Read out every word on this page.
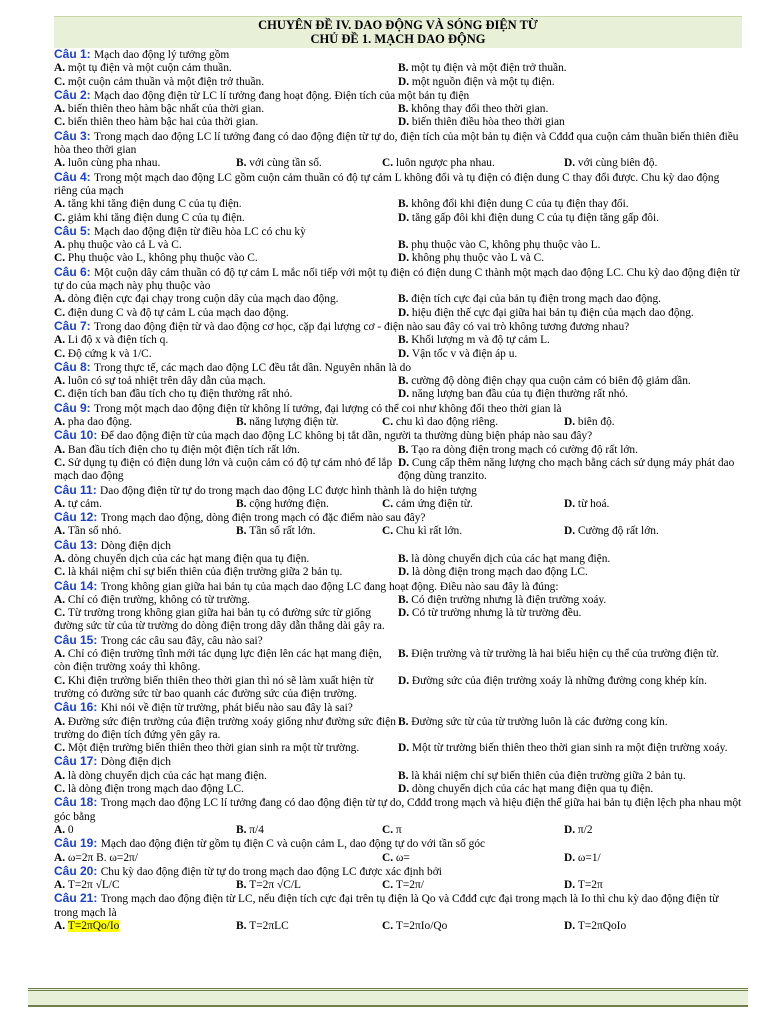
CHUYÊN ĐỀ IV. DAO ĐỘNG VÀ SÓNG ĐIỆN TỪ
CHỦ ĐỀ 1. MẠCH DAO ĐỘNG
Câu 1: Mạch dao động lý tưởng gồm
A. một tụ điện và một cuộn cảm thuần.	B. một tụ điện và một điện trở thuần.
C. một cuộn cảm thuần và một điện trở thuần.	D. một nguồn điện và một tụ điện.
Câu 2: Mạch dao động điện từ LC lí tưởng đang hoạt động. Điện tích của một bản tụ điện
A. biến thiên theo hàm bậc nhất của thời gian.	B. không thay đổi theo thời gian.
C. biến thiên theo hàm bậc hai của thời gian.	D. biến thiên điều hòa theo thời gian
Câu 3: Trong mạch dao động LC lí tưởng đang có dao động điện từ tự do, điện tích của một bản tụ điện và Cđdđ qua cuộn cảm thuần biến thiên điều hòa theo thời gian
A. luôn cùng pha nhau.	B. với cùng tần số.	C. luôn ngược pha nhau.	D. với cùng biên độ.
Câu 4: Trong một mạch dao động LC gồm cuộn cảm thuần có độ tự cảm L không đổi và tụ điện có điện dung C thay đổi được. Chu kỳ dao động riêng của mạch
A. tăng khi tăng điện dung C của tụ điện.	B. không đổi khi điện dung C của tụ điện thay đổi.
C. giảm khi tăng điện dung C của tụ điện.	D. tăng gấp đôi khi điện dung C của tụ điện tăng gấp đôi.
Câu 5: Mạch dao động điện từ điều hòa LC có chu kỳ
A. phụ thuộc vào cả L và C.	B. phụ thuộc vào C, không phụ thuộc vào L.
C. Phụ thuộc vào L, không phụ thuộc vào C.	D. không phụ thuộc vào L và C.
Câu 6: Một cuộn dây cảm thuần có độ tự cảm L mắc nối tiếp với một tụ điện có điện dung C thành một mạch dao động LC. Chu kỳ dao động điện từ tự do của mạch này phụ thuộc vào
A. dòng điện cực đại chạy trong cuộn dây của mạch dao động.	B. điện tích cực đại của bản tụ điện trong mạch dao động.
C. điện dung C và độ tự cảm L của mạch dao động.	D. hiệu điện thế cực đại giữa hai bản tụ điện của mạch dao động.
Câu 7: Trong dao động điện từ và dao động cơ học, cặp đại lượng cơ - điện nào sau đây có vai trò không tương đương nhau?
A. Li độ x và điện tích q.	B. Khối lượng m và độ tự cảm L.
C. Độ cứng k và 1/C.	D. Vận tốc v và điện áp u.
Câu 8: Trong thực tế, các mạch dao động LC đều tắt dần. Nguyên nhân là do
A. luôn có sự toả nhiệt trên dây dẫn của mạch.	B. cường độ dòng điện chạy qua cuộn cảm có biên độ giảm dần.
C. điện tích ban đầu tích cho tụ điện thường rất nhỏ.	D. năng lượng ban đầu của tụ điện thường rất nhỏ.
Câu 9: Trong một mạch dao động điện từ không lí tưởng, đại lượng có thể coi như không đổi theo thời gian là
A. pha dao động.	B. năng lượng điện từ.	C. chu kì dao động riêng.	D. biên độ.
Câu 10: Để dao động điện từ của mạch dao động LC không bị tắt dần, người ta thường dùng biện pháp nào sau đây?
A. Ban đầu tích điện cho tụ điện một điện tích rất lớn.	B. Tạo ra dòng điện trong mạch có cường độ rất lớn.
C. Sử dụng tụ điện có điện dung lớn và cuộn cảm có độ tự cảm nhỏ để lắp mạch dao động
D. Cung cấp thêm năng lượng cho mạch bằng cách sử dụng máy phát dao động dùng tranzito.
Câu 11: Dao động điện từ tự do trong mạch dao động LC được hình thành là do hiện tượng
A. tự cảm.	B. cộng hưởng điện.	C. cảm ứng điện từ.	D. từ hoá.
Câu 12: Trong mạch dao động, dòng điện trong mạch có đặc điểm nào sau đây?
A. Tần số nhỏ.	B. Tần số rất lớn.	C. Chu kì rất lớn.	D. Cường độ rất lớn.
Câu 13: Dòng điện dịch
A. dòng chuyển dịch của các hạt mang điện qua tụ điện.	B. là dòng chuyển dịch của các hạt mang điện.
C. là khái niệm chỉ sự biến thiên của điện trường giữa 2 bản tụ.	D. là dòng điện trong mạch dao động LC.
Câu 14: Trong không gian giữa hai bản tụ của mạch dao động LC đang hoạt động. Điều nào sau đây là đúng:
A. Chỉ có điện trường, không có từ trường.	B. Có điện trường nhưng là điện trường xoáy.
C. Từ trường trong không gian giữa hai bản tụ có đường sức từ giống đường sức từ của từ trường do dòng điện trong dây dẫn thẳng dài gây ra.
D. Có từ trường nhưng là từ trường đều.
Câu 15: Trong các câu sau đây, câu nào sai?
A. Chỉ có điện trường tĩnh mới tác dụng lực điện lên các hạt mang điện, còn điện trường xoáy thì không.
B. Điện trường và từ trường là hai biểu hiện cụ thể của trường điện từ.
C. Khi điện trường biến thiên theo thời gian thì nó sẽ làm xuất hiện từ trường có đường sức từ bao quanh các đường sức của điện trường.
D. Đường sức của điện trường xoáy là những đường cong khép kín.
Câu 16: Khi nói về điện từ trường, phát biểu nào sau đây là sai?
A. Đường sức điện trường của điện trường xoáy giống như đường sức điện trường do điện tích đứng yên gây ra.
B. Đường sức từ của từ trường luôn là các đường cong kín.
C. Một điện trường biến thiên theo thời gian sinh ra một từ trường.	D. Một từ trường biến thiên theo thời gian sinh ra một điện trường xoáy.
Câu 17: Dòng điện dịch
A. là dòng chuyển dịch của các hạt mang điện.	B. là khái niệm chỉ sự biến thiên của điện trường giữa 2 bản tụ.
C. là dòng điện trong mạch dao động LC.	D. dòng chuyển dịch của các hạt mang điện qua tụ điện.
Câu 18: Trong mạch dao động LC lí tưởng đang có dao động điện từ tự do, Cđdđ trong mạch và hiệu điện thế giữa hai bản tụ điện lệch pha nhau một góc bằng
A. 0	B. π/4	C. π	D. π/2
Câu 19: Mạch dao động điện từ gồm tụ điện C và cuộn cảm L, dao động tự do với tần số góc
A. ω=2π B. ω=2π/	C. ω=	D. ω=1/
Câu 20: Chu kỳ dao động điện từ tự do trong mạch dao động LC được xác định bởi
A. T=2π √L/C	B. T=2π √C/L	C. T=2π/	D. T=2π
Câu 21: Trong mạch dao động điện từ LC, nếu điện tích cực đại trên tụ điện là Qo và Cđdđ cực đại trong mạch là Io thì chu kỳ dao động điện từ trong mạch là
A. T=2πQo/Io	B. T=2πLC	C. T=2πIo/Qo	D. T=2πQoIo
